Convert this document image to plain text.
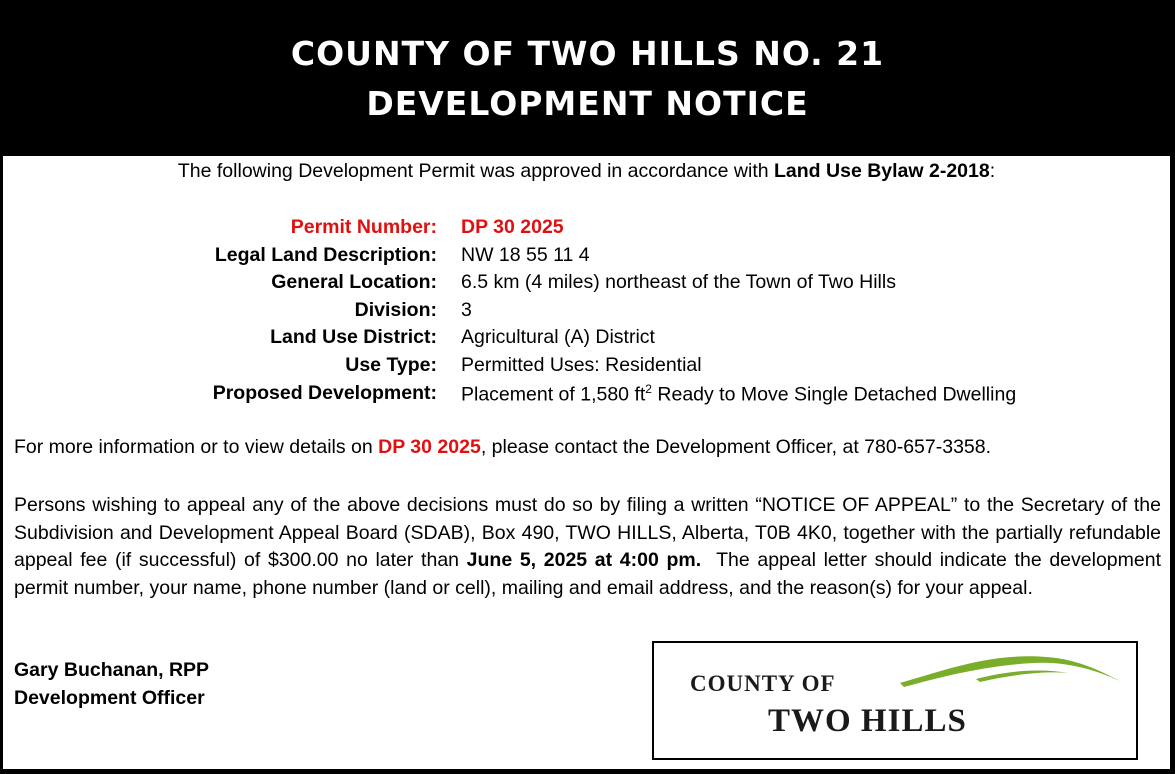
COUNTY OF TWO HILLS NO. 21
DEVELOPMENT NOTICE
The following Development Permit was approved in accordance with Land Use Bylaw 2-2018:
Permit Number: DP 30 2025
Legal Land Description: NW 18 55 11 4
General Location: 6.5 km (4 miles) northeast of the Town of Two Hills
Division: 3
Land Use District: Agricultural (A) District
Use Type: Permitted Uses: Residential
Proposed Development: Placement of 1,580 $ft^2$ Ready to Move Single Detached Dwelling
For more information or to view details on DP 30 2025, please contact the Development Officer, at 780-657-3358.
Persons wishing to appeal any of the above decisions must do so by filing a written “NOTICE OF APPEAL” to the Secretary of the Subdivision and Development Appeal Board (SDAB), Box 490, TWO HILLS, Alberta, T0B 4K0, together with the partially refundable appeal fee (if successful) of $300.00 no later than June 5, 2025 at 4:00 pm.  The appeal letter should indicate the development permit number, your name, phone number (land or cell), mailing and email address, and the reason(s) for your appeal.
Gary Buchanan, RPP
Development Officer
COUNTY OF
TWO HILLS
